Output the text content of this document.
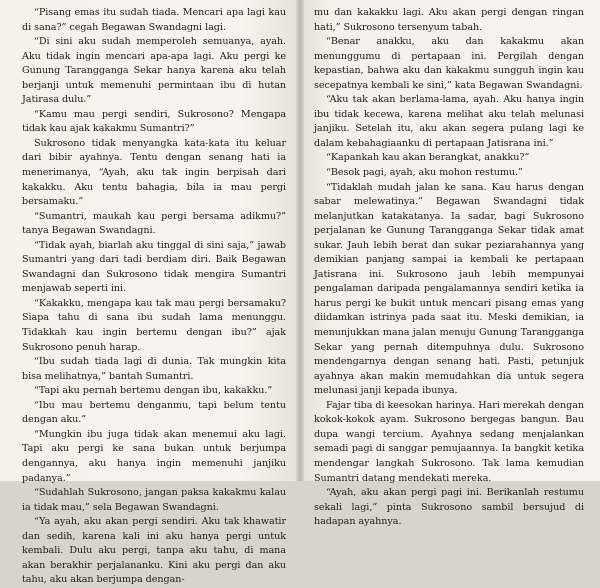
“Pisang emas itu sudah tiada. Mencari apa lagi kau di sana?” cegah Begawan Swandagni lagi.

“Di sini aku sudah memperoleh semuanya, ayah. Aku tidak ingin mencari apa-apa lagi. Aku pergi ke Gunung Tarangganga Sekar hanya karena aku telah berjanji untuk memenuhi permintaan ibu di hutan Jatirasa dulu.”

“Kamu mau pergi sendiri, Sukrosono? Mengapa tidak kau ajak kakakmu Sumantri?”

Sukrosono tidak menyangka kata-kata itu keluar dari bibir ayahnya. Tentu dengan senang hati ia menerimanya, “Ayah, aku tak ingin berpisah dari kakakku. Aku tentu bahagia, bila ia mau pergi bersamaku.”

“Sumantri, maukah kau pergi bersama adikmu?” tanya Begawan Swandagni.

“Tidak ayah, biarlah aku tinggal di sini saja,” jawab Sumantri yang dari tadi berdiam diri. Baik Begawan Swandagni dan Sukrosono tidak mengira Sumantri menjawab seperti ini.

“Kakakku, mengapa kau tak mau pergi bersamaku? Siapa tahu di sana ibu sudah lama menunggu. Tidakkah kau ingin bertemu dengan ibu?” ajak Sukrosono penuh harap.

“Ibu sudah tiada lagi di dunia. Tak mungkin kita bisa melihatnya,” bantah Sumantri.

“Tapi aku pernah bertemu dengan ibu, kakakku.”

“Ibu mau bertemu denganmu, tapi belum tentu dengan aku.”

“Mungkin ibu juga tidak akan menemui aku lagi. Tapi aku pergi ke sana bukan untuk berjumpa dengannya, aku hanya ingin memenuhi janjiku padanya.”

“Sudahlah Sukrosono, jangan paksa kakakmu kalau ia tidak mau,” sela Begawan Swandagni.

“Ya ayah, aku akan pergi sendiri. Aku tak khawatir dan sedih, karena kali ini aku hanya pergi untuk kembali. Dulu aku pergi, tanpa aku tahu, di mana akan berakhir perjalananku. Kini aku pergi dan aku tahu, aku akan berjumpa dengan-

mu dan kakakku lagi. Aku akan pergi dengan ringan hati,” Sukrosono tersenyum tabah.

“Benar anakku, aku dan kakakmu akan menunggumu di pertapaan ini. Pergilah dengan kepastian, bahwa aku dan kakakmu sungguh ingin kau secepatnya kembali ke sini,” kata Begawan Swandagni.

“Aku tak akan berlama-lama, ayah. Aku hanya ingin ibu tidak kecewa, karena melihat aku telah melunasi janjiku. Setelah itu, aku akan segera pulang lagi ke dalam kebahagiaanku di pertapaan Jatisrana ini.”

“Kapankah kau akan berangkat, anakku?”

“Besok pagi, ayah, aku mohon restumu.”

“Tidaklah mudah jalan ke sana. Kau harus dengan sabar melewatinya.” Begawan Swandagni tidak melanjutkan katakatanya. Ia sadar, bagi Sukrosono perjalanan ke Gunung Tarangganga Sekar tidak amat sukar. Jauh lebih berat dan sukar peziarahannya yang demikian panjang sampai ia kembali ke pertapaan Jatisrana ini. Sukrosono jauh lebih mempunyai pengalaman daripada pengalamannya sendiri ketika ia harus pergi ke bukit untuk mencari pisang emas yang diidamkan istrinya pada saat itu. Meski demikian, ia menunjukkan mana jalan menuju Gunung Tarangganga Sekar yang pernah ditempuhnya dulu. Sukrosono mendengarnya dengan senang hati. Pasti, petunjuk ayahnya akan makin memudahkan dia untuk segera melunasi janji kepada ibunya.

Fajar tiba di keesokan harinya. Hari merekah dengan kokok-kokok ayam. Sukrosono bergegas bangun. Bau dupa wangi tercium. Ayahnya sedang menjalankan semadi pagi di sanggar pemujaannya. Ia bangkit ketika mendengar langkah Sukrosono. Tak lama kemudian Sumantri datang mendekati mereka.

“Ayah, aku akan pergi pagi ini. Berikanlah restumu sekali lagi,” pinta Sukrosono sambil bersujud di hadapan ayahnya.
